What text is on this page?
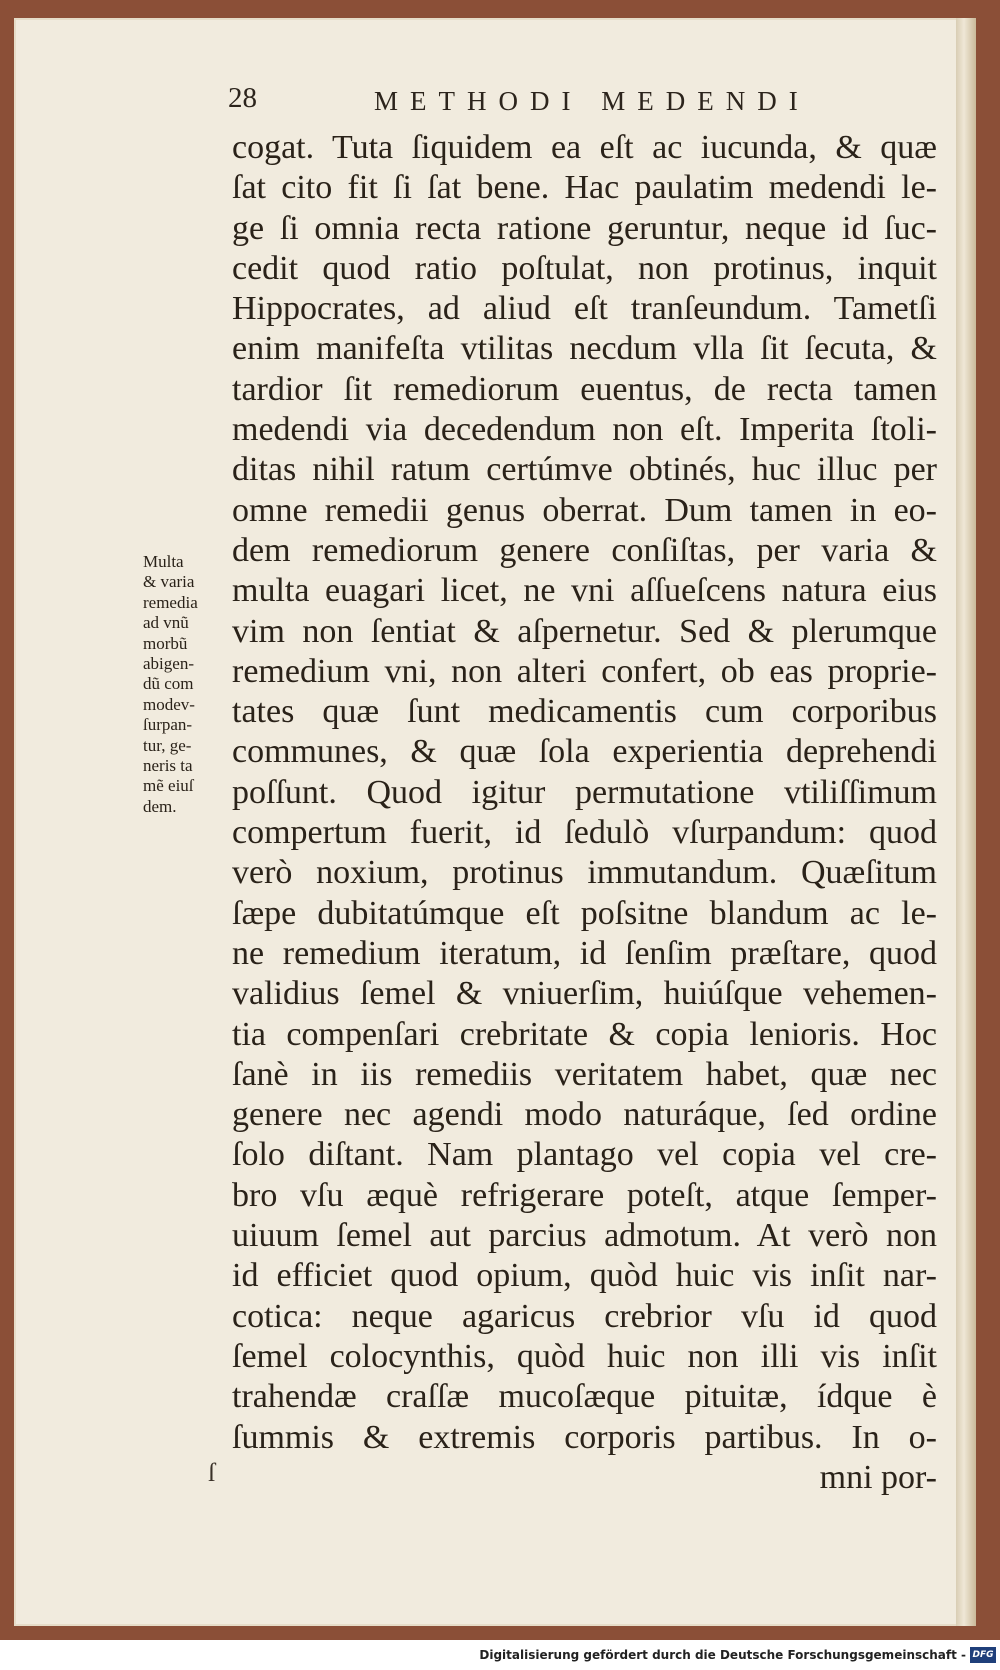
28	METHODI MEDENDI
cogat. Tuta ſiquidem ea eſt ac iucunda, & quæ
ſat cito fit ſi ſat bene. Hac paulatim medendi le-
ge ſi omnia recta ratione geruntur, neque id ſuc-
cedit quod ratio poſtulat, non protinus, inquit
Hippocrates, ad aliud eſt tranſeundum. Tametſi
enim manifeſta vtilitas necdum vlla ſit ſecuta, &
tardior ſit remediorum euentus, de recta tamen
medendi via decedendum non eſt. Imperita ſtoli-
ditas nihil ratum certúmve obtinés, huc illuc per
omne remedii genus oberrat. Dum tamen in eo-
dem remediorum genere conſiſtas, per varia &
multa euagari licet, ne vni aſſueſcens natura eius
vim non ſentiat & aſpernetur. Sed & plerumque
remedium vni, non alteri confert, ob eas proprie-
tates quæ ſunt medicamentis cum corporibus
communes, & quæ ſola experientia deprehendi
poſſunt. Quod igitur permutatione vtiliſſimum
compertum fuerit, id ſedulò vſurpandum: quod
verò noxium, protinus immutandum. Quæſitum
ſæpe dubitatúmque eſt poſsitne blandum ac le-
ne remedium iteratum, id ſenſim præſtare, quod
validius ſemel & vniuerſim, huiúſque vehemen-
tia compenſari crebritate & copia lenioris. Hoc
ſanè in iis remediis veritatem habet, quæ nec
genere nec agendi modo naturáque, ſed ordine
ſolo diſtant. Nam plantago vel copia vel cre-
bro vſu æquè refrigerare poteſt, atque ſemper-
uiuum ſemel aut parcius admotum. At verò non
id efficiet quod opium, quòd huic vis inſit nar-
cotica: neque agaricus crebrior vſu id quod
ſemel colocynthis, quòd huic non illi vis inſit
trahendæ craſſæ mucoſæque pituitæ, ídque è
ſummis & extremis corporis partibus. In o-
mni por-
Multa
& varia
remedia
ad vnũ
morbũ
abigen-
dũ com
modev-
ſurpan-
tur, ge-
neris ta
mẽ eiuſ
dem.
ſ
Digitalisierung gefördert durch die Deutsche Forschungsgemeinschaft - DFG
